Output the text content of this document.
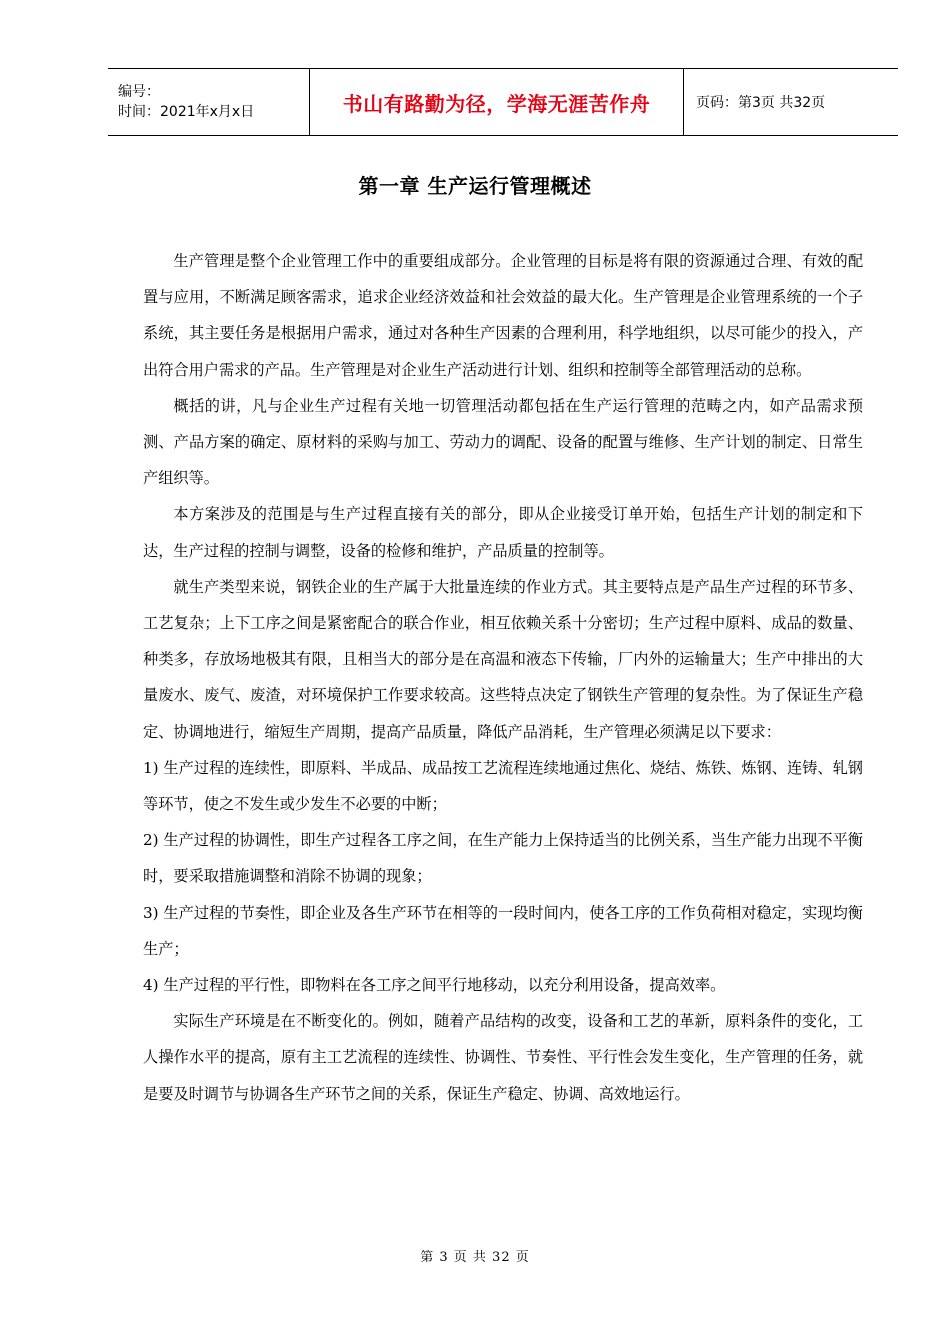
编号：
时间：2021年x月x日	书山有路勤为径，学海无涯苦作舟	页码：第3页 共32页
第一章 生产运行管理概述

生产管理是整个企业管理工作中的重要组成部分。企业管理的目标是将有限的资源通过合理、有效的配置与应用，不断满足顾客需求，追求企业经济效益和社会效益的最大化。生产管理是企业管理系统的一个子系统，其主要任务是根据用户需求，通过对各种生产因素的合理利用，科学地组织，以尽可能少的投入，产出符合用户需求的产品。生产管理是对企业生产活动进行计划、组织和控制等全部管理活动的总称。

概括的讲，凡与企业生产过程有关地一切管理活动都包括在生产运行管理的范畴之内，如产品需求预测、产品方案的确定、原材料的采购与加工、劳动力的调配、设备的配置与维修、生产计划的制定、日常生产组织等。

本方案涉及的范围是与生产过程直接有关的部分，即从企业接受订单开始，包括生产计划的制定和下达，生产过程的控制与调整，设备的检修和维护，产品质量的控制等。

就生产类型来说，钢铁企业的生产属于大批量连续的作业方式。其主要特点是产品生产过程的环节多、工艺复杂；上下工序之间是紧密配合的联合作业，相互依赖关系十分密切；生产过程中原料、成品的数量、种类多，存放场地极其有限，且相当大的部分是在高温和液态下传输，厂内外的运输量大；生产中排出的大量废水、废气、废渣，对环境保护工作要求较高。这些特点决定了钢铁生产管理的复杂性。为了保证生产稳定、协调地进行，缩短生产周期，提高产品质量，降低产品消耗，生产管理必须满足以下要求：

1) 生产过程的连续性，即原料、半成品、成品按工艺流程连续地通过焦化、烧结、炼铁、炼钢、连铸、轧钢等环节，使之不发生或少发生不必要的中断；

2) 生产过程的协调性，即生产过程各工序之间，在生产能力上保持适当的比例关系，当生产能力出现不平衡时，要采取措施调整和消除不协调的现象；

3) 生产过程的节奏性，即企业及各生产环节在相等的一段时间内，使各工序的工作负荷相对稳定，实现均衡生产；

4) 生产过程的平行性，即物料在各工序之间平行地移动，以充分利用设备，提高效率。

实际生产环境是在不断变化的。例如，随着产品结构的改变，设备和工艺的革新，原料条件的变化，工人操作水平的提高，原有主工艺流程的连续性、协调性、节奏性、平行性会发生变化，生产管理的任务，就是要及时调节与协调各生产环节之间的关系，保证生产稳定、协调、高效地运行。

第 3 页 共 32 页
